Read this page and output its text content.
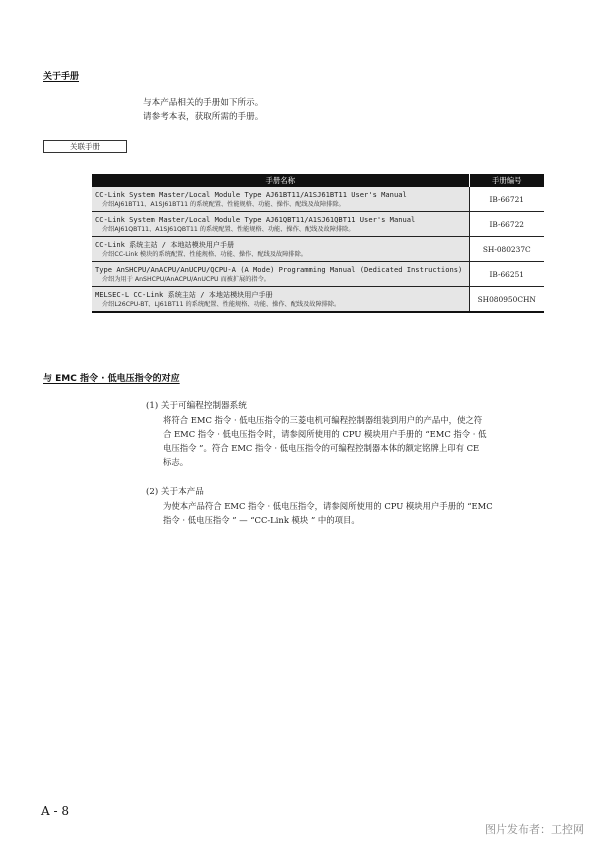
关于手册
与本产品相关的手册如下所示。
请参考本表，获取所需的手册。
关联手册
手册名称	手册编号

CC-Link System Master/Local Module Type AJ61BT11/A1SJ61BT11 User's Manual
介绍AJ61BT11、A1SJ61BT11 的系统配置、性能规格、功能、操作、配线及故障排除。	IB-66721

CC-Link System Master/Local Module Type AJ61QBT11/A1SJ61QBT11 User's Manual
介绍AJ61QBT11、A1SJ61QBT11 的系统配置、性能规格、功能、操作、配线及故障排除。	IB-66722

CC-Link 系统主站 / 本地站模块用户手册
介绍CC-Link 模块的系统配置、性能规格、功能、操作、配线及故障排除。	SH-080237C

Type AnSHCPU/AnACPU/AnUCPU/QCPU-A (A Mode) Programming Manual (Dedicated Instructions)
介绍为用于 AnSHCPU/AnACPU/AnUCPU 而被扩展的指令。	IB-66251

MELSEC-L CC-Link 系统主站 / 本地站模块用户手册
介绍L26CPU-BT、LJ61BT11 的系统配置、性能规格、功能、操作、配线及故障排除。	SH080950CHN
与 EMC 指令 · 低电压指令的对应
(1) 关于可编程控制器系统
将符合 EMC 指令 · 低电压指令的三菱电机可编程控制器组装到用户的产品中，使之符
合 EMC 指令 · 低电压指令时，请参阅所使用的 CPU 模块用户手册的 “EMC 指令 · 低
电压指令 ”。符合 EMC 指令 · 低电压指令的可编程控制器本体的额定铭牌上印有 CE
标志。
(2) 关于本产品
为使本产品符合 EMC 指令 · 低电压指令，请参阅所使用的 CPU 模块用户手册的 “EMC
指令 · 低电压指令 ” — “CC-Link 模块 ” 中的项目。
A - 8
图片发布者：工控网
